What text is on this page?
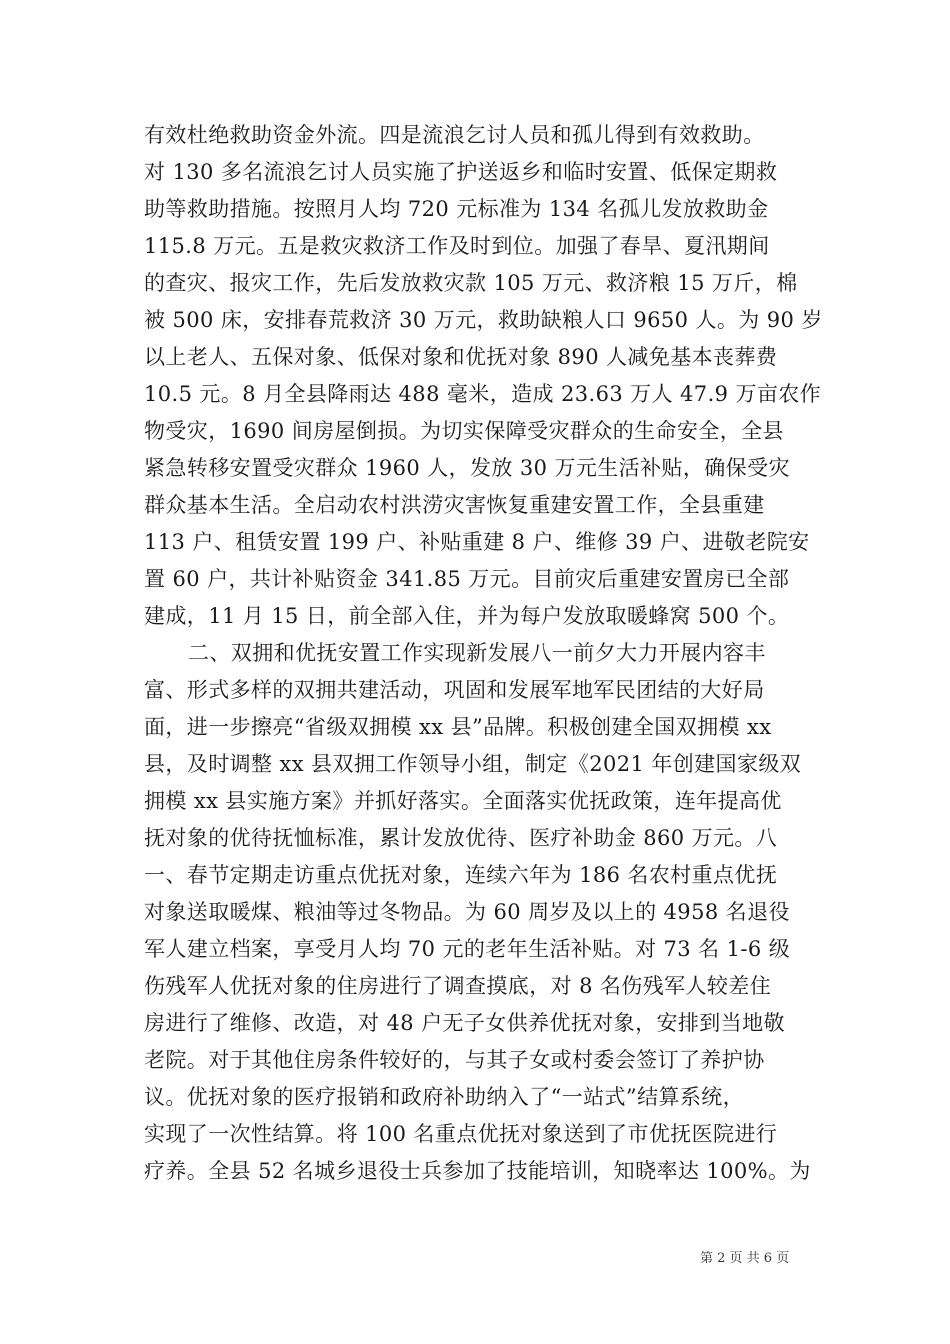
有效杜绝救助资金外流。四是流浪乞讨人员和孤儿得到有效救助。
对 130 多名流浪乞讨人员实施了护送返乡和临时安置、低保定期救
助等救助措施。按照月人均 720 元标准为 134 名孤儿发放救助金
115.8 万元。五是救灾救济工作及时到位。加强了春旱、夏汛期间
的查灾、报灾工作，先后发放救灾款 105 万元、救济粮 15 万斤，棉
被 500 床，安排春荒救济 30 万元，救助缺粮人口 9650 人。为 90 岁
以上老人、五保对象、低保对象和优抚对象 890 人减免基本丧葬费
10.5 元。8 月全县降雨达 488 毫米，造成 23.63 万人 47.9 万亩农作
物受灾，1690 间房屋倒损。为切实保障受灾群众的生命安全，全县
紧急转移安置受灾群众 1960 人，发放 30 万元生活补贴，确保受灾
群众基本生活。全启动农村洪涝灾害恢复重建安置工作，全县重建
113 户、租赁安置 199 户、补贴重建 8 户、维修 39 户、进敬老院安
置 60 户，共计补贴资金 341.85 万元。目前灾后重建安置房已全部
建成，11 月 15 日，前全部入住，并为每户发放取暖蜂窝 500 个。
二、双拥和优抚安置工作实现新发展八一前夕大力开展内容丰
富、形式多样的双拥共建活动，巩固和发展军地军民团结的大好局
面，进一步擦亮“省级双拥模 xx 县”品牌。积极创建全国双拥模 xx
县，及时调整 xx 县双拥工作领导小组，制定《2021 年创建国家级双
拥模 xx 县实施方案》并抓好落实。全面落实优抚政策，连年提高优
抚对象的优待抚恤标准，累计发放优待、医疗补助金 860 万元。八
一、春节定期走访重点优抚对象，连续六年为 186 名农村重点优抚
对象送取暖煤、粮油等过冬物品。为 60 周岁及以上的 4958 名退役
军人建立档案，享受月人均 70 元的老年生活补贴。对 73 名 1-6 级
伤残军人优抚对象的住房进行了调查摸底，对 8 名伤残军人较差住
房进行了维修、改造，对 48 户无子女供养优抚对象，安排到当地敬
老院。对于其他住房条件较好的，与其子女或村委会签订了养护协
议。优抚对象的医疗报销和政府补助纳入了“一站式”结算系统，
实现了一次性结算。将 100 名重点优抚对象送到了市优抚医院进行
疗养。全县 52 名城乡退役士兵参加了技能培训，知晓率达 100%。为
第 2 页 共 6 页
